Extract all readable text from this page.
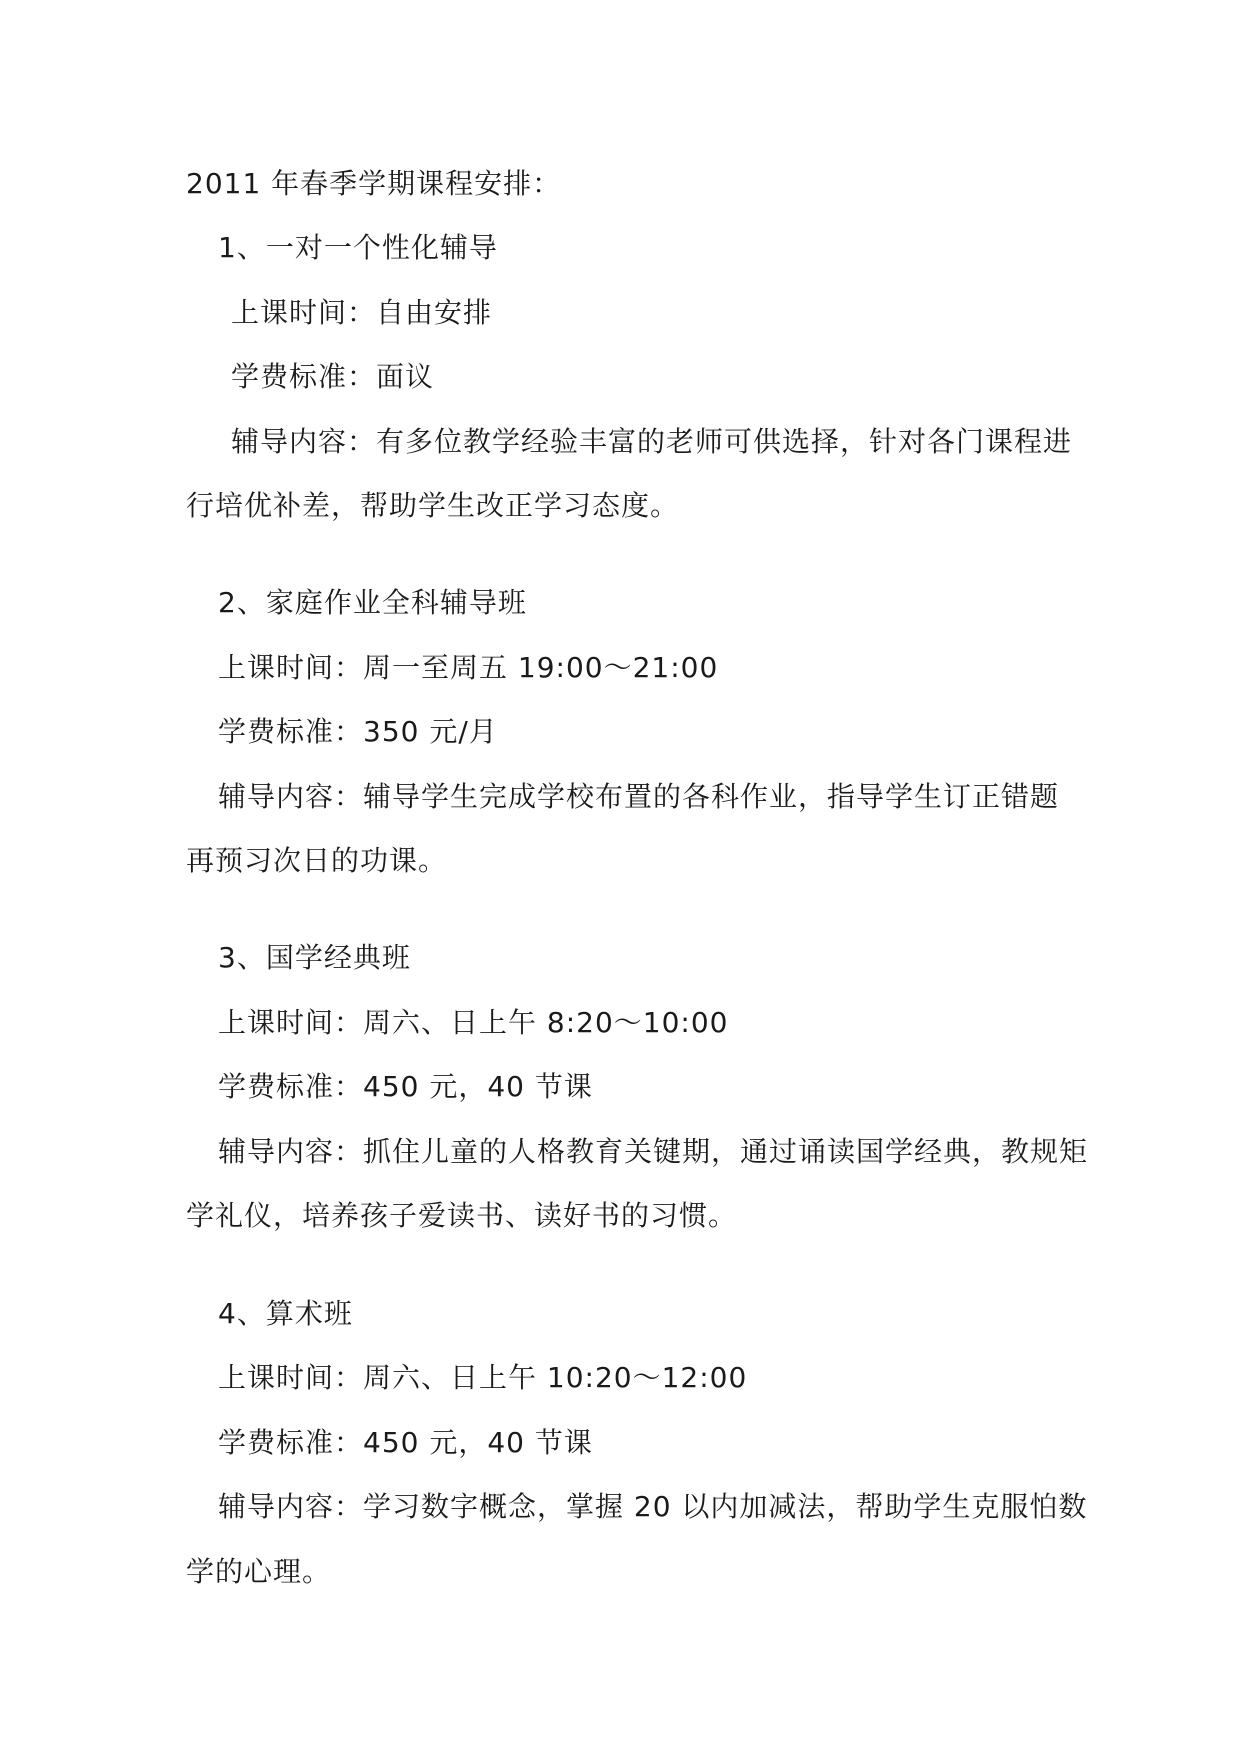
2011 年春季学期课程安排：
1、一对一个性化辅导
上课时间：自由安排
学费标准：面议
辅导内容：有多位教学经验丰富的老师可供选择，针对各门课程进
行培优补差，帮助学生改正学习态度。
2、家庭作业全科辅导班
上课时间：周一至周五 19:00～21:00
学费标准：350 元/月
辅导内容：辅导学生完成学校布置的各科作业，指导学生订正错题
再预习次日的功课。
3、国学经典班
上课时间：周六、日上午 8:20～10:00
学费标准：450 元，40 节课
辅导内容：抓住儿童的人格教育关键期，通过诵读国学经典，教规矩
学礼仪，培养孩子爱读书、读好书的习惯。
4、算术班
上课时间：周六、日上午 10:20～12:00
学费标准：450 元，40 节课
辅导内容：学习数字概念，掌握 20 以内加减法，帮助学生克服怕数
学的心理。
